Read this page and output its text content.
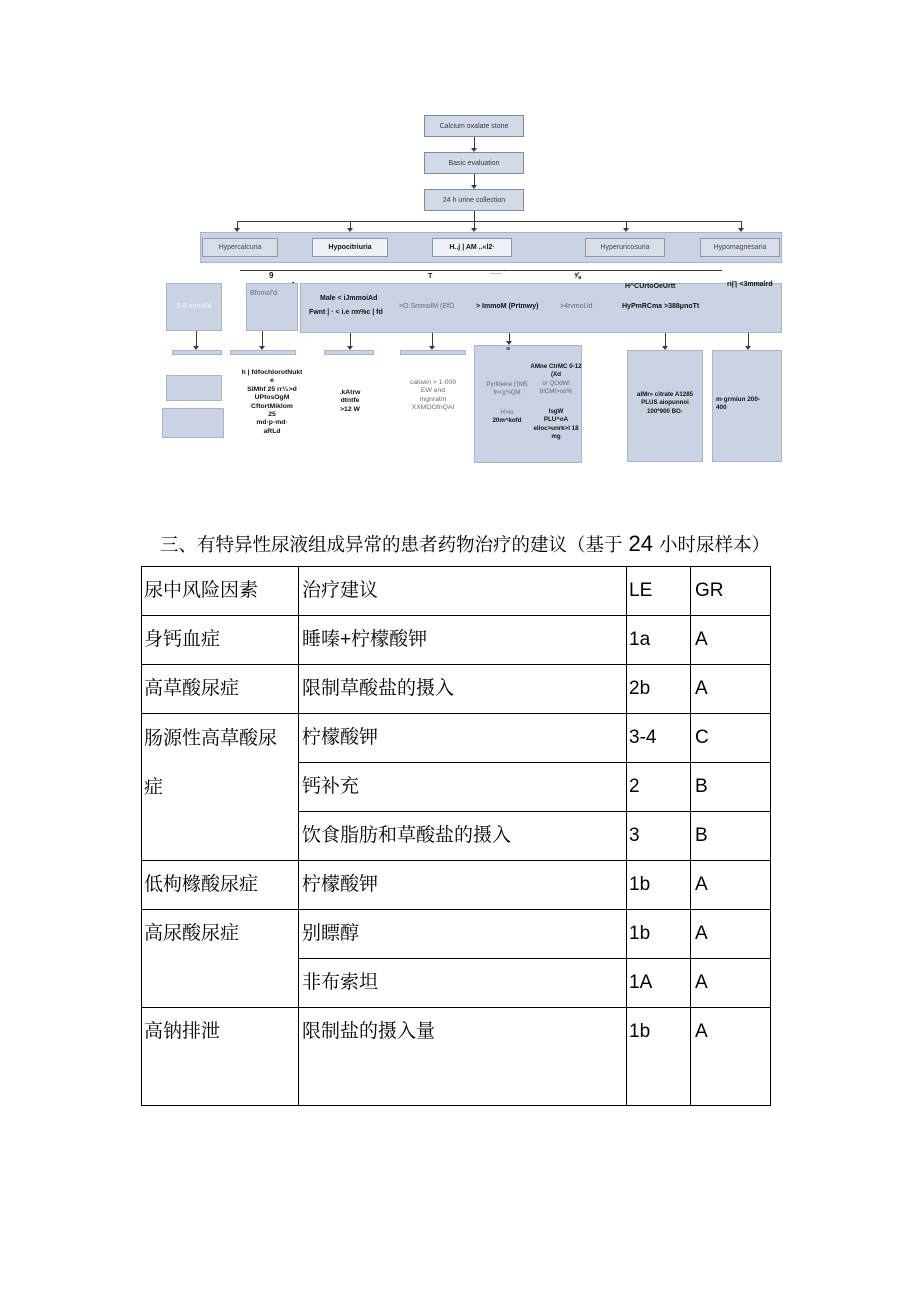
Calcium oxalate stone
Basic evaluation
24 h urine collection
Hypercalcuria	Hypocitriuria	H..j | AM ..«l2·	Hyperuricosuria	Hypomagnesaria
9	T
___ ·	⅝
5-8 mmol/d
Bfnmol'd
Male < iJmmoiAd
Fwnt | · < i.e rm%c | fd
>O.SmmolM (EfO	> ImmoM (Prtmwy)	>4rvmoUd
H^CUrtoOeUrtt
HyPmRCma >388μnoTt
ri∏ <3mmalrd
≡
h | fdfochlorotNukt
e
SIMhf 25 rr¹⁄₂>d
UPtosOgM
CftortMiklom
25
md·p·md·
aRLd
.kAtrw
dtntfe
>12 W
calown > 1-000
EW end
mgnratm
XXMOOfnQAI
Pyrltteine ∏M5
fn<χ¾QM
H>to
20m^kofd
AMne CtrMC 0-12
(Xd
or QOdWl
blCMt>o¤%
lsgW
PLU^oA
elloc>unrk>l 18
mg
alMr» citrate A1285
PLUS aiopunnoi
100*900 BG·
m·grmiun 200-400
三、有特异性尿液组成异常的患者药物治疗的建议（基于 24 小时尿样本）
尿中风险因素	治疗建议	LE	GR
身钙血症	睡嗪+柠檬酸钾	1a	A
高草酸尿症	限制草酸盐的摄入	2b	A

肠源性高草酸尿症	柠檬酸钾	3-4	C
	钙补充	2	B
	饮食脂肪和草酸盐的摄入	3	B
低枸橼酸尿症	柠檬酸钾	1b	A
高尿酸尿症	别瞟醇	1b	A
	非布索坦	1A	A
高钠排泄	限制盐的摄入量	1b	A
